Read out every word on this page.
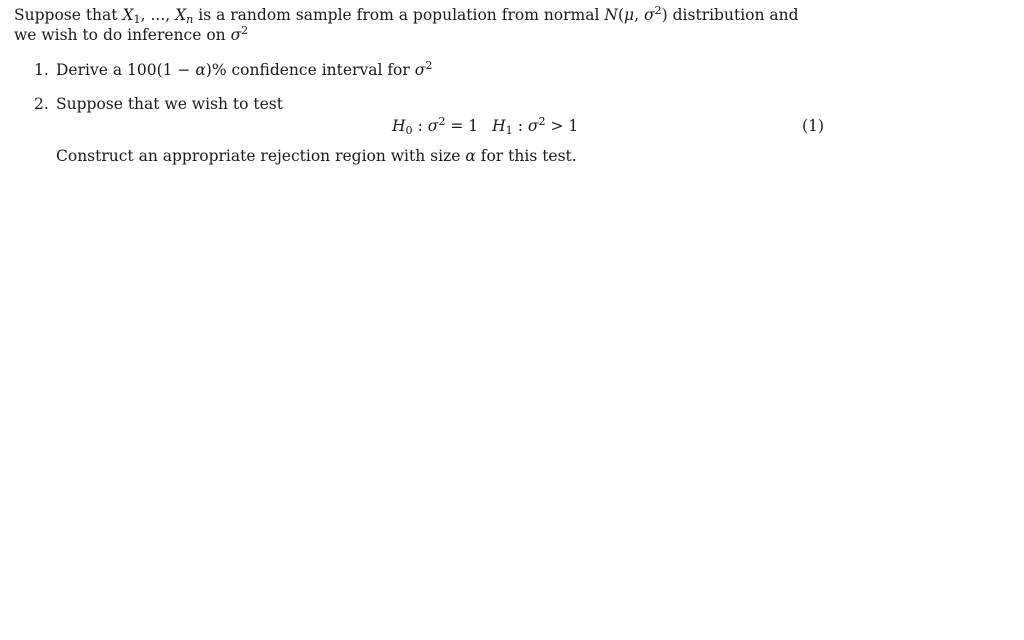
Suppose that $X_1$, ..., $X_n$ is a random sample from a population from normal N(μ, $\sigma^2$) distribution and we wish to do inference on $\sigma^2$

1. Derive a 100(1 − α)% confidence interval for $\sigma^2$
2. Suppose that we wish to test
$H_0$ : $\sigma^2 = 1$ $H_1$ : $\sigma^2 > 1$	(1)
Construct an appropriate rejection region with size α for this test.
